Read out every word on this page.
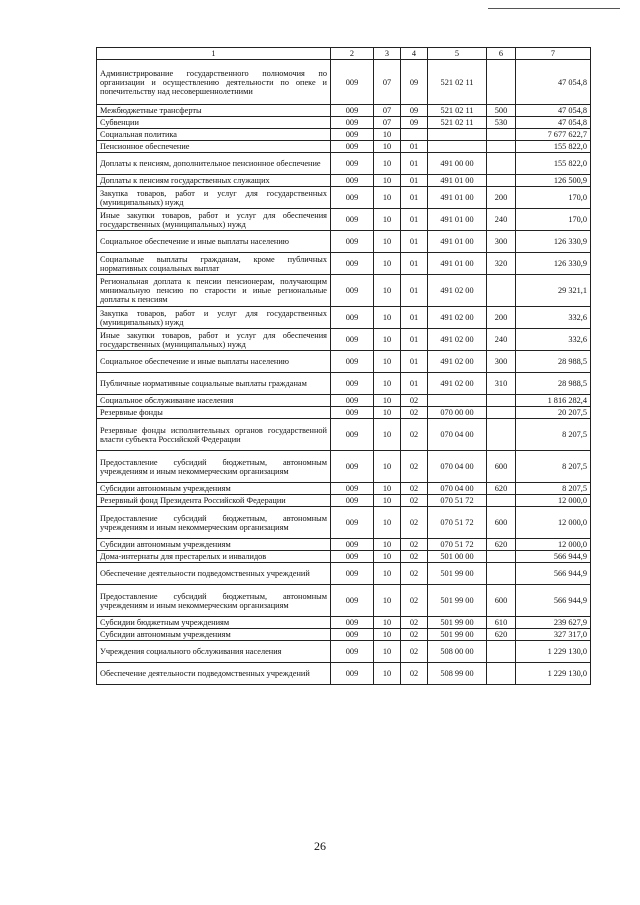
1	2	3	4	5	6	7
Администрирование государственного полномочия по организации и осуществлению деятельности по опеке и попечительству над несовершеннолетними	009	07	09	521 02 11		47 054,8
Межбюджетные трансферты	009	07	09	521 02 11	500	47 054,8
Субвенции	009	07	09	521 02 11	530	47 054,8
Социальная политика	009	10				7 677 622,7
Пенсионное обеспечение	009	10	01			155 822,0
Доплаты к пенсиям, дополнительное пенсионное обеспечение	009	10	01	491 00 00		155 822,0
Доплаты к пенсиям государственных служащих	009	10	01	491 01 00		126 500,9
Закупка товаров, работ и услуг для государственных (муниципальных) нужд	009	10	01	491 01 00	200	170,0
Иные закупки товаров, работ и услуг для обеспечения государственных (муниципальных) нужд	009	10	01	491 01 00	240	170,0
Социальное обеспечение и иные выплаты населению	009	10	01	491 01 00	300	126 330,9
Социальные выплаты гражданам, кроме публичных нормативных социальных выплат	009	10	01	491 01 00	320	126 330,9
Региональная доплата к пенсии пенсионерам, получающим минимальную пенсию по старости и иные региональные доплаты к пенсиям	009	10	01	491 02 00		29 321,1
Закупка товаров, работ и услуг для государственных (муниципальных) нужд	009	10	01	491 02 00	200	332,6
Иные закупки товаров, работ и услуг для обеспечения государственных (муниципальных) нужд	009	10	01	491 02 00	240	332,6
Социальное обеспечение и иные выплаты населению	009	10	01	491 02 00	300	28 988,5
Публичные нормативные социальные выплаты гражданам	009	10	01	491 02 00	310	28 988,5
Социальное обслуживание населения	009	10	02			1 816 282,4
Резервные фонды	009	10	02	070 00 00		20 207,5
Резервные фонды исполнительных органов государственной власти субъекта Российской Федерации	009	10	02	070 04 00		8 207,5
Предоставление субсидий бюджетным, автономным учреждениям и иным некоммерческим организациям	009	10	02	070 04 00	600	8 207,5
Субсидии автономным учреждениям	009	10	02	070 04 00	620	8 207,5
Резервный фонд Президента Российской Федерации	009	10	02	070 51 72		12 000,0
Предоставление субсидий бюджетным, автономным учреждениям и иным некоммерческим организациям	009	10	02	070 51 72	600	12 000,0
Субсидии автономным учреждениям	009	10	02	070 51 72	620	12 000,0
Дома-интернаты для престарелых и инвалидов	009	10	02	501 00 00		566 944,9
Обеспечение деятельности подведомственных учреждений	009	10	02	501 99 00		566 944,9
Предоставление субсидий бюджетным, автономным учреждениям и иным некоммерческим организациям	009	10	02	501 99 00	600	566 944,9
Субсидии бюджетным учреждениям	009	10	02	501 99 00	610	239 627,9
Субсидии автономным учреждениям	009	10	02	501 99 00	620	327 317,0
Учреждения социального обслуживания населения	009	10	02	508 00 00		1 229 130,0
Обеспечение деятельности подведомственных учреждений	009	10	02	508 99 00		1 229 130,0
26
